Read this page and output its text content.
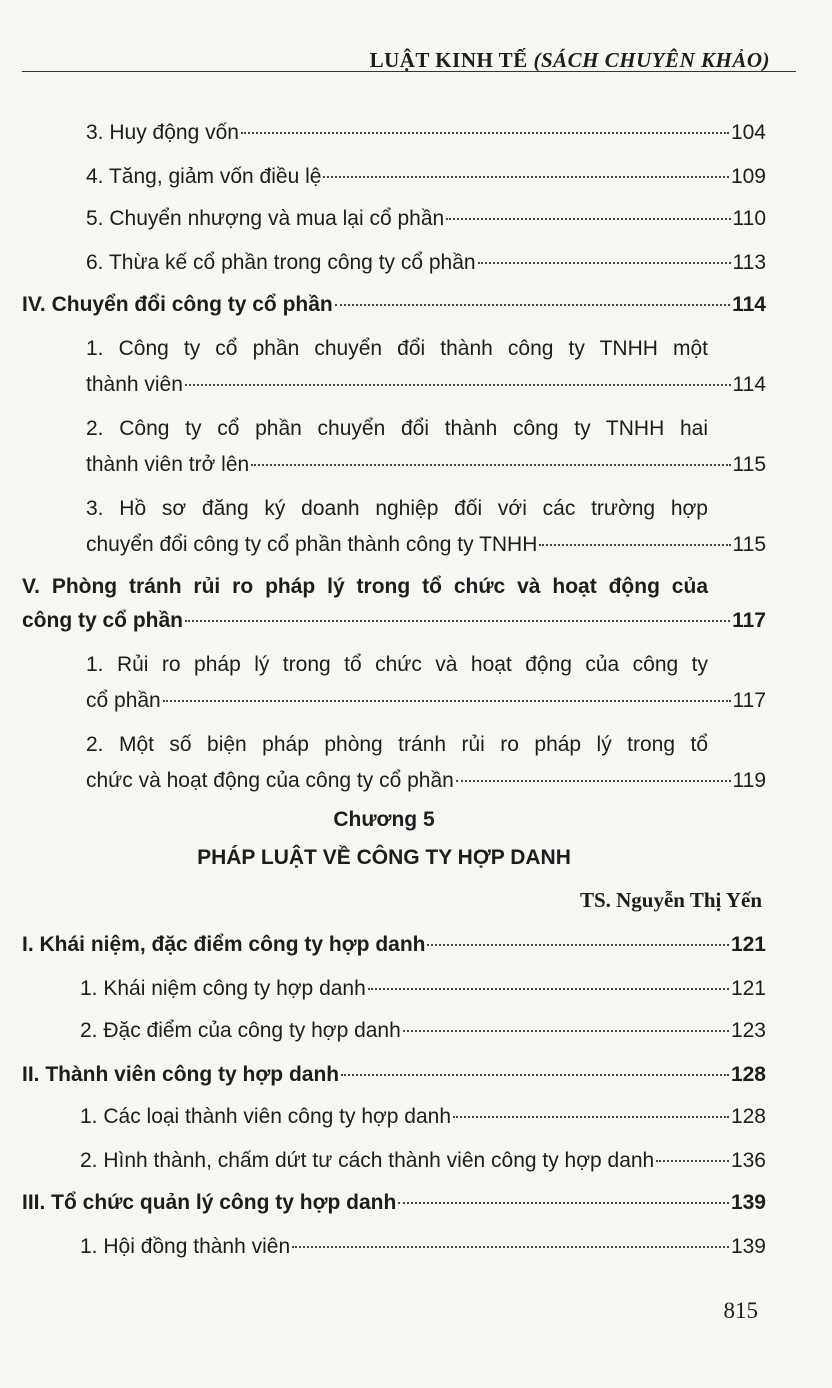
LUẬT KINH TẾ (SÁCH CHUYÊN KHẢO)
3. Huy động vốn	104
4. Tăng, giảm vốn điều lệ	109
5. Chuyển nhượng và mua lại cổ phần	110
6. Thừa kế cổ phần trong công ty cổ phần	113
IV. Chuyển đổi công ty cổ phần	114
1. Công ty cổ phần chuyển đổi thành công ty TNHH một
thành viên	114
2. Công ty cổ phần chuyển đổi thành công ty TNHH hai
thành viên trở lên	115
3. Hồ sơ đăng ký doanh nghiệp đối với các trường hợp
chuyển đổi công ty cổ phần thành công ty TNHH	115
V. Phòng tránh rủi ro pháp lý trong tổ chức và hoạt động của
công ty cổ phần	117
1. Rủi ro pháp lý trong tổ chức và hoạt động của công ty
cổ phần	117
2. Một số biện pháp phòng tránh rủi ro pháp lý trong tổ
chức và hoạt động của công ty cổ phần	119
Chương 5
PHÁP LUẬT VỀ CÔNG TY HỢP DANH
TS. Nguyễn Thị Yến
I. Khái niệm, đặc điểm công ty hợp danh	121
1. Khái niệm công ty hợp danh	121
2. Đặc điểm của công ty hợp danh	123
II. Thành viên công ty hợp danh	128
1. Các loại thành viên công ty hợp danh	128
2. Hình thành, chấm dứt tư cách thành viên công ty hợp danh	136
III. Tổ chức quản lý công ty hợp danh	139
1. Hội đồng thành viên	139
815
